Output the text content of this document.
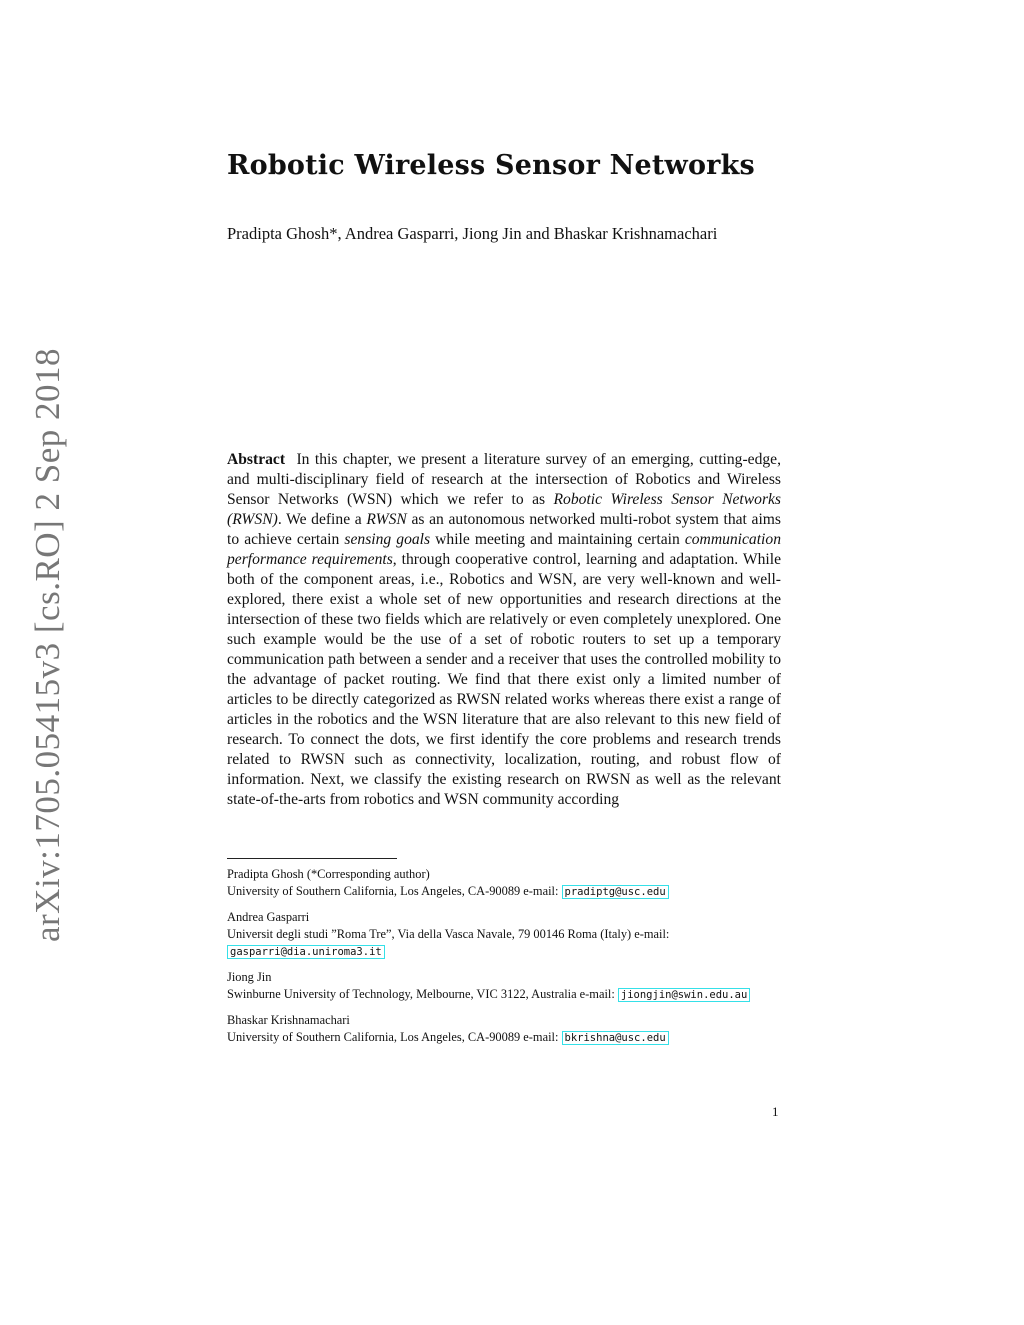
arXiv:1705.05415v3 [cs.RO] 2 Sep 2018
Robotic Wireless Sensor Networks
Pradipta Ghosh*, Andrea Gasparri, Jiong Jin and Bhaskar Krishnamachari

Abstract In this chapter, we present a literature survey of an emerging, cutting-edge, and multi-disciplinary field of research at the intersection of Robotics and Wireless Sensor Networks (WSN) which we refer to as Robotic Wireless Sensor Networks (RWSN). We define a RWSN as an autonomous networked multi-robot system that aims to achieve certain sensing goals while meeting and maintaining certain communication performance requirements, through cooperative control, learning and adaptation. While both of the component areas, i.e., Robotics and WSN, are very well-known and well-explored, there exist a whole set of new opportunities and research directions at the intersection of these two fields which are relatively or even completely unexplored. One such example would be the use of a set of robotic routers to set up a temporary communication path between a sender and a receiver that uses the controlled mobility to the advantage of packet routing. We find that there exist only a limited number of articles to be directly categorized as RWSN related works whereas there exist a range of articles in the robotics and the WSN literature that are also relevant to this new field of research. To connect the dots, we first identify the core problems and research trends related to RWSN such as connectivity, localization, routing, and robust flow of information. Next, we classify the existing research on RWSN as well as the relevant state-of-the-arts from robotics and WSN community according

Pradipta Ghosh (*Corresponding author)
University of Southern California, Los Angeles, CA-90089 e-mail: pradiptg@usc.edu
Andrea Gasparri
Universit degli studi ”Roma Tre”, Via della Vasca Navale, 79 00146 Roma (Italy) e-mail: gasparri@dia.uniroma3.it
Jiong Jin
Swinburne University of Technology, Melbourne, VIC 3122, Australia e-mail: jiongjin@swin.edu.au
Bhaskar Krishnamachari
University of Southern California, Los Angeles, CA-90089 e-mail: bkrishna@usc.edu
1
